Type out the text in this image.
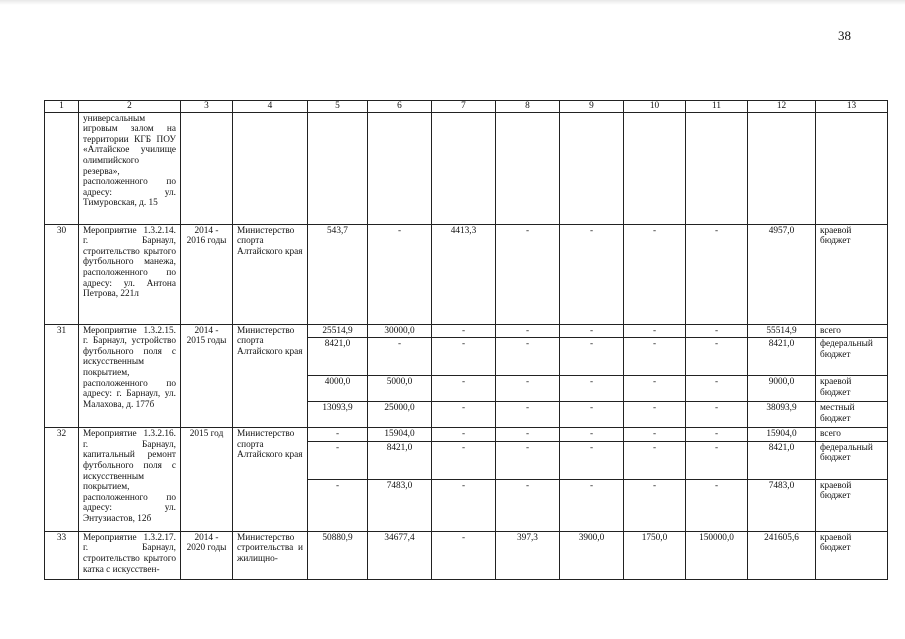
38
1	2	3	4	5	6	7	8	9	10	11	12	13
	универсальным игровым залом на территории КГБ ПОУ «Алтайское училище олимпийского резерва», расположенного по адресу: ул. Тимуровская, д. 15											
30	Мероприятие 1.3.2.14. г. Барнаул, строительство крытого футбольного манежа, расположенного по адресу: ул. Антона Петрова, 221л	2014 - 2016 годы	Министерство спорта Алтайского края	543,7	-	4413,3	-	-	-	-	4957,0	краевой бюджет
31	Мероприятие 1.3.2.15. г. Барнаул, устройство футбольного поля с искусственным покрытием, расположенного по адресу: г. Барнаул, ул. Малахова, д. 177б	2014 - 2015 годы	Министерство спорта Алтайского края	25514,9	30000,0	-	-	-	-	-	55514,9	всего
				8421,0	-	-	-	-	-	-	8421,0	федеральный бюджет
				4000,0	5000,0	-	-	-	-	-	9000,0	краевой бюджет
				13093,9	25000,0	-	-	-	-	-	38093,9	местный бюджет
32	Мероприятие 1.3.2.16. г. Барнаул, капитальный ремонт футбольного поля с искусственным покрытием, расположенного по адресу: ул. Энтузиастов, 12б	2015 год	Министерство спорта Алтайского края	-	15904,0	-	-	-	-	-	15904,0	всего
				-	8421,0	-	-	-	-	-	8421,0	федеральный бюджет
				-	7483,0	-	-	-	-	-	7483,0	краевой бюджет
33	Мероприятие 1.3.2.17. г. Барнаул, строительство крытого катка с искусствен-	2014 - 2020 годы	Министерство строительства и жилищно-	50880,9	34677,4	-	397,3	3900,0	1750,0	150000,0	241605,6	краевой бюджет
